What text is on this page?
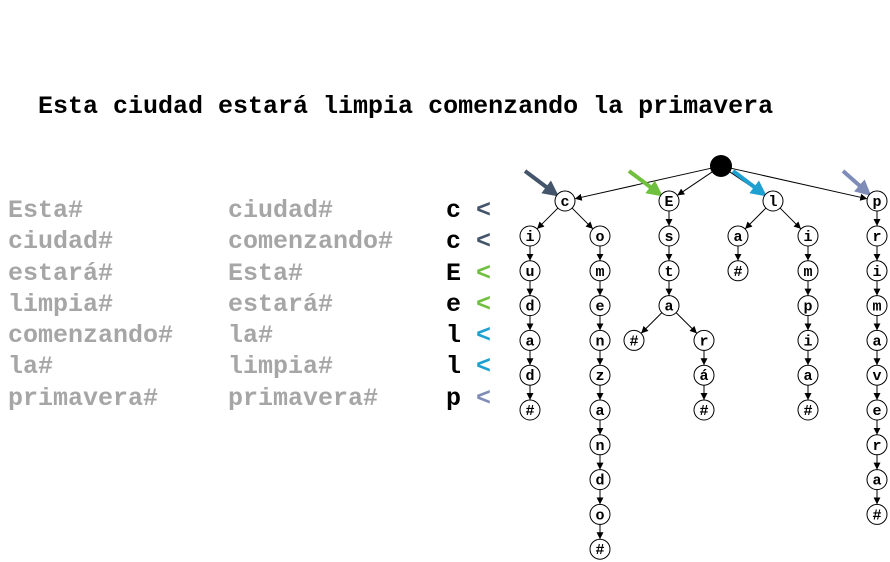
Esta ciudad estará limpia comenzando la primavera
Esta#
ciudad#
estará#
limpia#
comenzando#
la#
primavera#
ciudad#
comenzando#
Esta#
estará#
la#
limpia#
primavera#
c <
c <
E <
e <
l <
l <
p <
c
i
u
d
a
d
#
o
m
e
n
z
a
n
d
o
#
E
s
t
a
#	r
á
#
l
a
#
i
m
p
i
a
#
p
r
i
m
a
v
e
r
a
#
